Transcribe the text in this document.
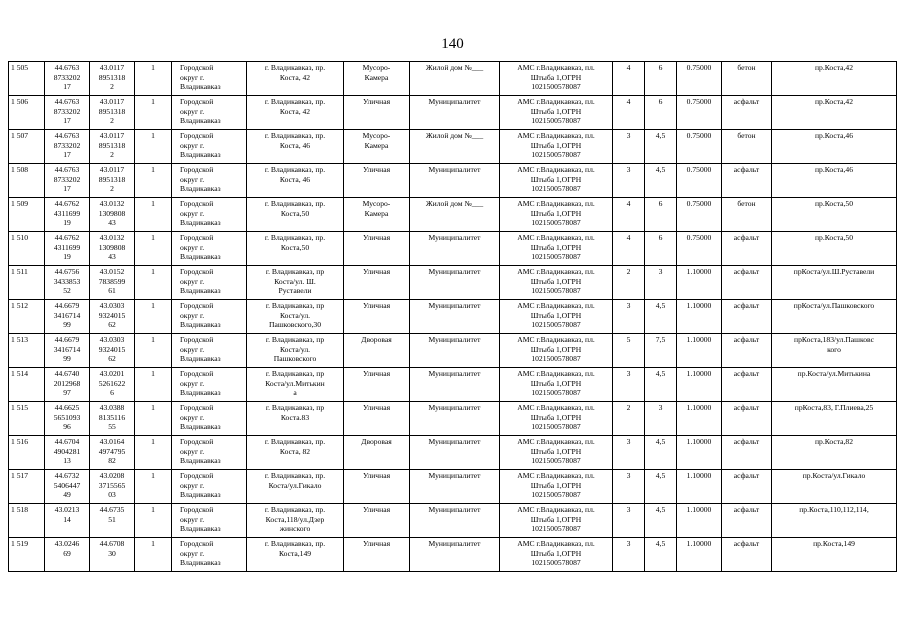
140
1 505	44.6763
8733202
17	43.0117
8951318
2	1	Городской
округ г.
Владикавказ	г. Владикавказ, пр.
Коста, 42	Мусоро-
Камера	Жилой дом №___	АМС г.Владикавказ, пл.
Штыба 1,ОГРН
1021500578087	4	6	0.75000	бетон	пр.Коста,42
1 506	44.6763
8733202
17	43.0117
8951318
2	1	Городской
округ г.
Владикавказ	г. Владикавказ, пр.
Коста, 42	Уличная	Муниципалитет	АМС г.Владикавказ, пл.
Штыба 1,ОГРН
1021500578087	4	6	0.75000	асфальт	пр.Коста,42
1 507	44.6763
8733202
17	43.0117
8951318
2	1	Городской
округ г.
Владикавказ	г. Владикавказ, пр.
Коста, 46	Мусоро-
Камера	Жилой дом №___	АМС г.Владикавказ, пл.
Штыба 1,ОГРН
1021500578087	3	4,5	0.75000	бетон	пр.Коста,46
1 508	44.6763
8733202
17	43.0117
8951318
2	1	Городской
округ г.
Владикавказ	г. Владикавказ, пр.
Коста, 46	Уличная	Муниципалитет	АМС г.Владикавказ, пл.
Штыба 1,ОГРН
1021500578087	3	4,5	0.75000	асфальт	пр.Коста,46
1 509	44.6762
4311699
19	43.0132
1309808
43	1	Городской
округ г.
Владикавказ	г. Владикавказ, пр.
Коста,50	Мусоро-
Камера	Жилой дом №___	АМС г.Владикавказ, пл.
Штыба 1,ОГРН
1021500578087	4	6	0.75000	бетон	пр.Коста,50
1 510	44.6762
4311699
19	43.0132
1309808
43	1	Городской
округ г.
Владикавказ	г. Владикавказ, пр.
Коста,50	Уличная	Муниципалитет	АМС г.Владикавказ, пл.
Штыба 1,ОГРН
1021500578087	4	6	0.75000	асфальт	пр.Коста,50
1 511	44.6756
3433853
52	43.0152
7838599
61	1	Городской
округ г.
Владикавказ	г. Владикавказ, пр
Коста/ул. Ш.
Руставели	Уличная	Муниципалитет	АМС г.Владикавказ, пл.
Штыба 1,ОГРН
1021500578087	2	3	1.10000	асфальт	прКоста/ул.Ш.Руставели
1 512	44.6679
3416714
99	43.0303
9324015
62	1	Городской
округ г.
Владикавказ	г. Владикавказ, пр
Коста/ул.
Пашковского,30	Уличная	Муниципалитет	АМС г.Владикавказ, пл.
Штыба 1,ОГРН
1021500578087	3	4,5	1.10000	асфальт	прКоста/ул.Пашковского
1 513	44.6679
3416714
99	43.0303
9324015
62	1	Городской
округ г.
Владикавказ	г. Владикавказ, пр
Коста/ул.
Пашковского	Дворовая	Муниципалитет	АМС г.Владикавказ, пл.
Штыба 1,ОГРН
1021500578087	5	7,5	1.10000	асфальт	прКоста,183/ул.Пашковс
кого
1 514	44.6740
2012968
97	43.0201
5261622
6	1	Городской
округ г.
Владикавказ	г. Владикавказ, пр
Коста/ул.Митькин
а	Уличная	Муниципалитет	АМС г.Владикавказ, пл.
Штыба 1,ОГРН
1021500578087	3	4,5	1.10000	асфальт	пр.Коста/ул.Митькина
1 515	44.6625
5651093
96	43.0388
8135116
55	1	Городской
округ г.
Владикавказ	г. Владикавказ, пр
Коста.83	Уличная	Муниципалитет	АМС г.Владикавказ, пл.
Штыба 1,ОГРН
1021500578087	2	3	1.10000	асфальт	прКоста,83, Г.Плиева,25
1 516	44.6704
4904281
13	43.0164
4974795
82	1	Городской
округ г.
Владикавказ	г. Владикавказ, пр.
Коста, 82	Дворовая	Муниципалитет	АМС г.Владикавказ, пл.
Штыба 1,ОГРН
1021500578087	3	4,5	1.10000	асфальт	пр.Коста,82
1 517	44.6732
5406447
49	43.0208
3715565
03	1	Городской
округ г.
Владикавказ	г. Владикавказ, пр.
Коста/ул.Гикало	Уличная	Муниципалитет	АМС г.Владикавказ, пл.
Штыба 1,ОГРН
1021500578087	3	4,5	1.10000	асфальт	пр.Коста/ул.Гикало
1 518	43.0213
14	44.6735
51	1	Городской
округ г.
Владикавказ	г. Владикавказ, пр.
Коста,118/ул.Дзер
жинского	Уличная	Муниципалитет	АМС г.Владикавказ, пл.
Штыба 1,ОГРН
1021500578087	3	4,5	1.10000	асфальт	пр.Коста,110,112,114,
1 519	43.0246
69	44.6708
30	1	Городской
округ г.
Владикавказ	г. Владикавказ, пр.
Коста,149	Уличная	Муниципалитет	АМС г.Владикавказ, пл.
Штыба 1,ОГРН
1021500578087	3	4,5	1.10000	асфальт	пр.Коста,149
